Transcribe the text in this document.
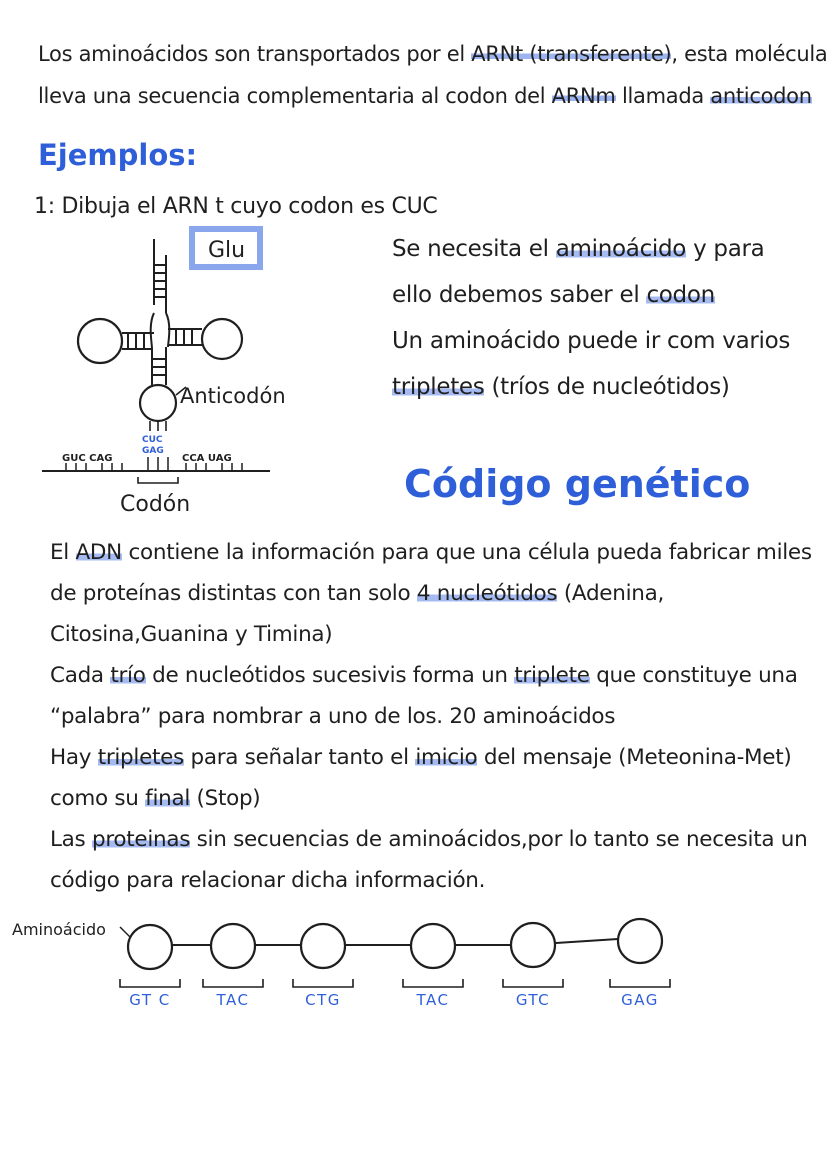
Los aminoácidos son transportados por el ARNt (transferente), esta molécula
lleva una secuencia complementaria al codon del ARNm llamada anticodon
Ejemplos:
1: Dibuja el ARN t cuyo codon es CUC
Glu
Anticodón
CUC
GAG
GUC CAG	CCA UAG
Codón
Se necesita el aminoácido y para
ello debemos saber el codon
Un aminoácido puede ir com varios
tripletes (tríos de nucleótidos)
Código genético
El ADN contiene la información para que una célula pueda fabricar miles
de proteínas distintas con tan solo 4 nucleótidos (Adenina,
Citosina,Guanina y Timina)
Cada trío de nucleótidos sucesivis forma un triplete que constituye una
“palabra” para nombrar a uno de los. 20 aminoácidos
Hay tripletes para señalar tanto el imicio del mensaje (Meteonina-Met)
como su final (Stop)
Las proteinas sin secuencias de aminoácidos,por lo tanto se necesita un
código para relacionar dicha información.
Aminoácido
GT C	TAC	CTG	TAC	GTC	GAG
